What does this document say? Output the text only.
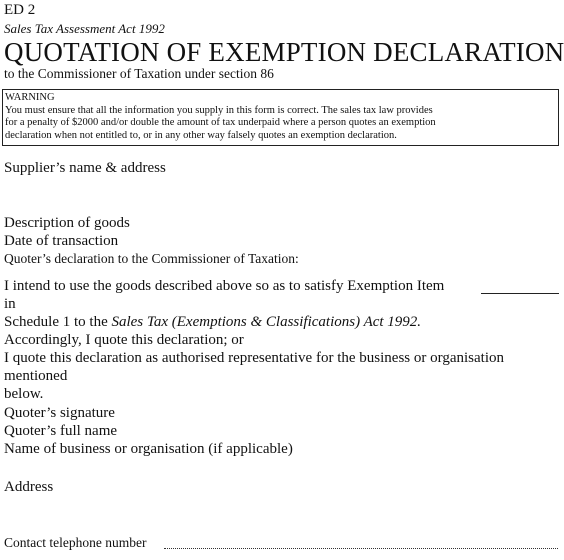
ED 2
Sales Tax Assessment Act 1992
QUOTATION OF EXEMPTION DECLARATION
to the Commissioner of Taxation under section 86
WARNING
You must ensure that all the information you supply in this form is correct. The sales tax law provides
for a penalty of $2000 and/or double the amount of tax underpaid where a person quotes an exemption
declaration when not entitled to, or in any other way falsely quotes an exemption declaration.
Supplier’s name & address
Description of goods
Date of transaction
Quoter’s declaration to the Commissioner of Taxation:
I intend to use the goods described above so as to satisfy Exemption Item
in
Schedule 1 to the Sales Tax (Exemptions & Classifications) Act 1992.
Accordingly, I quote this declaration; or
I quote this declaration as authorised representative for the business or organisation
mentioned
below.
Quoter’s signature
Quoter’s full name
Name of business or organisation (if applicable)
Address
Contact telephone number
